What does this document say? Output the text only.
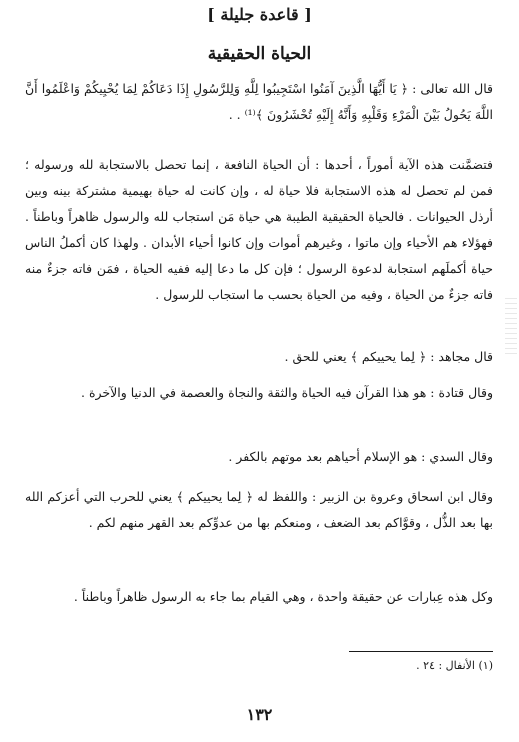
[ قاعدة جليلة ]
الحياة الحقيقية

قال الله تعالى : ﴿ يَا أَيُّهَا الَّذِينَ آمَنُوا اسْتَجِيبُوا لِلَّهِ وَلِلرَّسُولِ إِذَا دَعَاكُمْ لِمَا يُحْيِيكُمْ وَاعْلَمُوا أَنَّ اللَّهَ يَحُولُ بَيْنَ الْمَرْءِ وَقَلْبِهِ وَأَنَّهُ إِلَيْهِ تُحْشَرُونَ ﴾⁽¹⁾ . .

فتضمَّنت هذه الآية أموراً ، أحدها : أن الحياة النافعة ، إنما تحصل بالاستجابة لله ورسوله ؛ فمن لم تحصل له هذه الاستجابة فلا حياة له ، وإن كانت له حياة بهيمية مشتركة بينه وبين أرذل الحيوانات . فالحياة الحقيقية الطيبة هي حياة مَن استجاب لله والرسول ظاهراً وباطناً . فهؤلاء هم الأحياء وإن ماتوا ، وغيرهم أموات وإن كانوا أحياء الأبدان . ولهذا كان أكملُ الناس حياة أكملَهم استجابة لدعوة الرسول ؛ فإن كل ما دعا إليه ففيه الحياة ، فمَن فاته جزءٌ منه فاته جزءٌ من الحياة ، وفيه من الحياة بحسب ما استجاب للرسول .

قال مجاهد : ﴿ لِما يحييكم ﴾ يعني للحق .

وقال قتادة : هو هذا القرآن فيه الحياة والثقة والنجاة والعصمة في الدنيا والآخرة .

وقال السدي : هو الإسلام أحياهم بعد موتهم بالكفر .

وقال ابن اسحاق وعروة بن الزبير : واللفظ له ﴿ لِما يحييكم ﴾ يعني للحرب التي أعزكم الله بها بعد الذُّل ، وقوَّاكم بعد الضعف ، ومنعكم بها من عدوِّكم بعد القهر منهم لكم .

وكل هذه عِبارات عن حقيقة واحدة ، وهي القيام بما جاء به الرسول ظاهراً وباطناً .

(١) الأنفال : ٢٤ .
١٣٢
